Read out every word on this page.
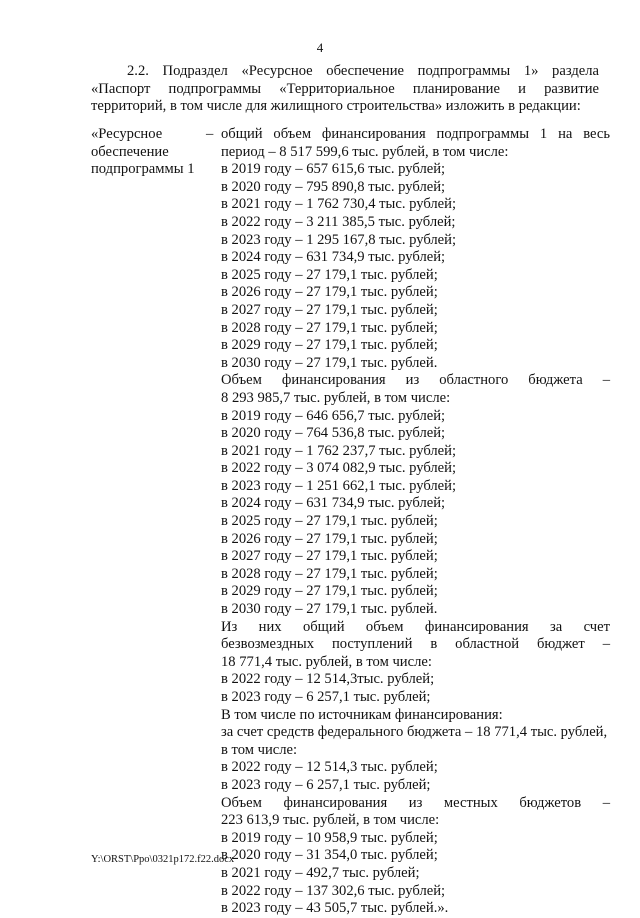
4

2.2. Подраздел «Ресурсное обеспечение подпрограммы 1» раздела

«Паспорт подпрограммы «Территориальное планирование и развитие

территорий, в том числе для жилищного строительства» изложить в редакции:

«Ресурсное
обеспечение
подпрограммы 1
– общий объем финансирования подпрограммы 1 на весь
период – 8 517 599,6 тыс. рублей, в том числе:
в 2019 году – 657 615,6 тыс. рублей;
в 2020 году – 795 890,8 тыс. рублей;
в 2021 году – 1 762 730,4 тыс. рублей;
в 2022 году – 3 211 385,5 тыс. рублей;
в 2023 году – 1 295 167,8 тыс. рублей;
в 2024 году – 631 734,9 тыс. рублей;
в 2025 году – 27 179,1 тыс. рублей;
в 2026 году – 27 179,1 тыс. рублей;
в 2027 году – 27 179,1 тыс. рублей;
в 2028 году – 27 179,1 тыс. рублей;
в 2029 году – 27 179,1 тыс. рублей;
в 2030 году – 27 179,1 тыс. рублей.
Объем финансирования из областного бюджета –
8 293 985,7 тыс. рублей, в том числе:
в 2019 году – 646 656,7 тыс. рублей;
в 2020 году – 764 536,8 тыс. рублей;
в 2021 году – 1 762 237,7 тыс. рублей;
в 2022 году – 3 074 082,9 тыс. рублей;
в 2023 году – 1 251 662,1 тыс. рублей;
в 2024 году – 631 734,9 тыс. рублей;
в 2025 году – 27 179,1 тыс. рублей;
в 2026 году – 27 179,1 тыс. рублей;
в 2027 году – 27 179,1 тыс. рублей;
в 2028 году – 27 179,1 тыс. рублей;
в 2029 году – 27 179,1 тыс. рублей;
в 2030 году – 27 179,1 тыс. рублей.
Из них общий объем финансирования за счет
безвозмездных поступлений в областной бюджет –
18 771,4 тыс. рублей, в том числе:
в 2022 году – 12 514,3тыс. рублей;
в 2023 году – 6 257,1 тыс. рублей;
В том числе по источникам финансирования:
за счет средств федерального бюджета – 18 771,4 тыс. рублей,
в том числе:
в 2022 году – 12 514,3 тыс. рублей;
в 2023 году – 6 257,1 тыс. рублей;
Объем финансирования из местных бюджетов –
223 613,9 тыс. рублей, в том числе:
в 2019 году – 10 958,9 тыс. рублей;
в 2020 году – 31 354,0 тыс. рублей;
в 2021 году – 492,7 тыс. рублей;
в 2022 году – 137 302,6 тыс. рублей;
в 2023 году – 43 505,7 тыс. рублей.».
Y:\ORST\Ppo\0321p172.f22.docx
